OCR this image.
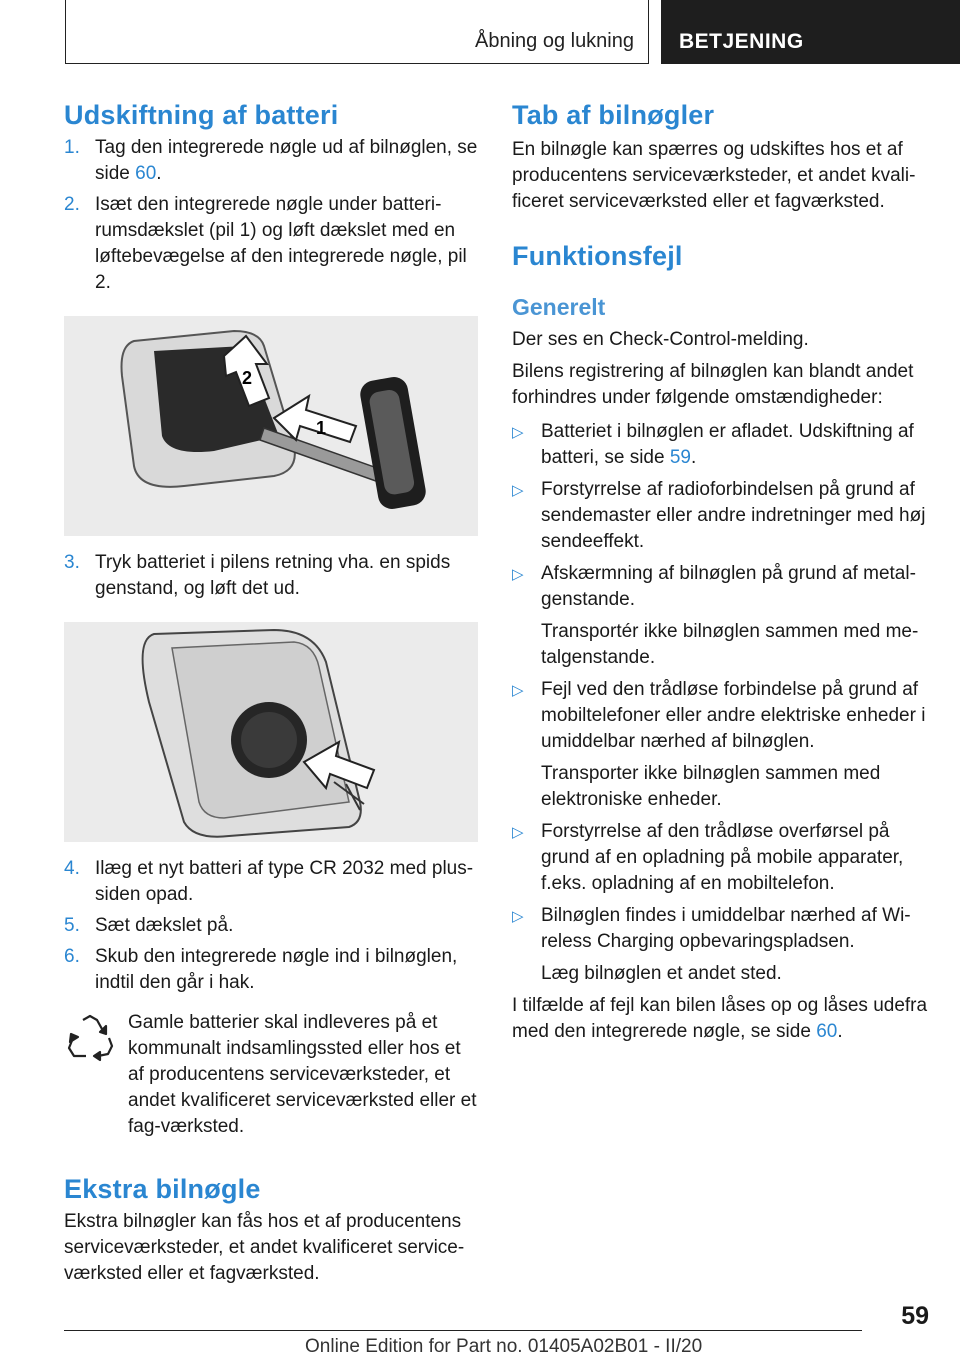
Åbning og lukning BETJENING
Udskiftning af batteri
1. Tag den integrerede nøgle ud af bilnøglen, se side 60.
2. Isæt den integrerede nøgle under batteri-rumsdækslet (pil 1) og løft dækslet med en løftebevægelse af den integrerede nøgle, pil 2.
1
2
3. Tryk batteriet i pilens retning vha. en spids genstand, og løft det ud.
4. Ilæg et nyt batteri af type CR 2032 med plus-siden opad.
5. Sæt dækslet på.
6. Skub den integrerede nøgle ind i bilnøglen, indtil den går i hak.
Gamle batterier skal indleveres på et kommunalt indsamlingssted eller hos et af producentens serviceværksteder, et andet kvalificeret serviceværksted eller et fag-værksted.
Ekstra bilnøgle

Ekstra bilnøgler kan fås hos et af producentens serviceværksteder, et andet kvalificeret service-værksted eller et fagværksted.

Tab af bilnøgler

En bilnøgle kan spærres og udskiftes hos et af producentens serviceværksteder, et andet kvali-ficeret serviceværksted eller et fagværksted.

Funktionsfejl
Generelt

Der ses en Check-Control-melding.

Bilens registrering af bilnøglen kan blandt andet forhindres under følgende omstændigheder:

▷ Batteriet i bilnøglen er afladet. Udskiftning af batteri, se side 59.
▷ Forstyrrelse af radioforbindelsen på grund af sendemaster eller andre indretninger med høj sendeeffekt.
▷ Afskærmning af bilnøglen på grund af metal-genstande.
Transportér ikke bilnøglen sammen med me-talgenstande.
▷ Fejl ved den trådløse forbindelse på grund af mobiltelefoner eller andre elektriske enheder i umiddelbar nærhed af bilnøglen.
Transporter ikke bilnøglen sammen med elektroniske enheder.
▷ Forstyrrelse af den trådløse overførsel på grund af en opladning på mobile apparater, f.eks. opladning af en mobiltelefon.
▷ Bilnøglen findes i umiddelbar nærhed af Wi-reless Charging opbevaringspladsen.
Læg bilnøglen et andet sted.

I tilfælde af fejl kan bilen låses op og låses udefra med den integrerede nøgle, se side 60.

59
Online Edition for Part no. 01405A02B01 - II/20
